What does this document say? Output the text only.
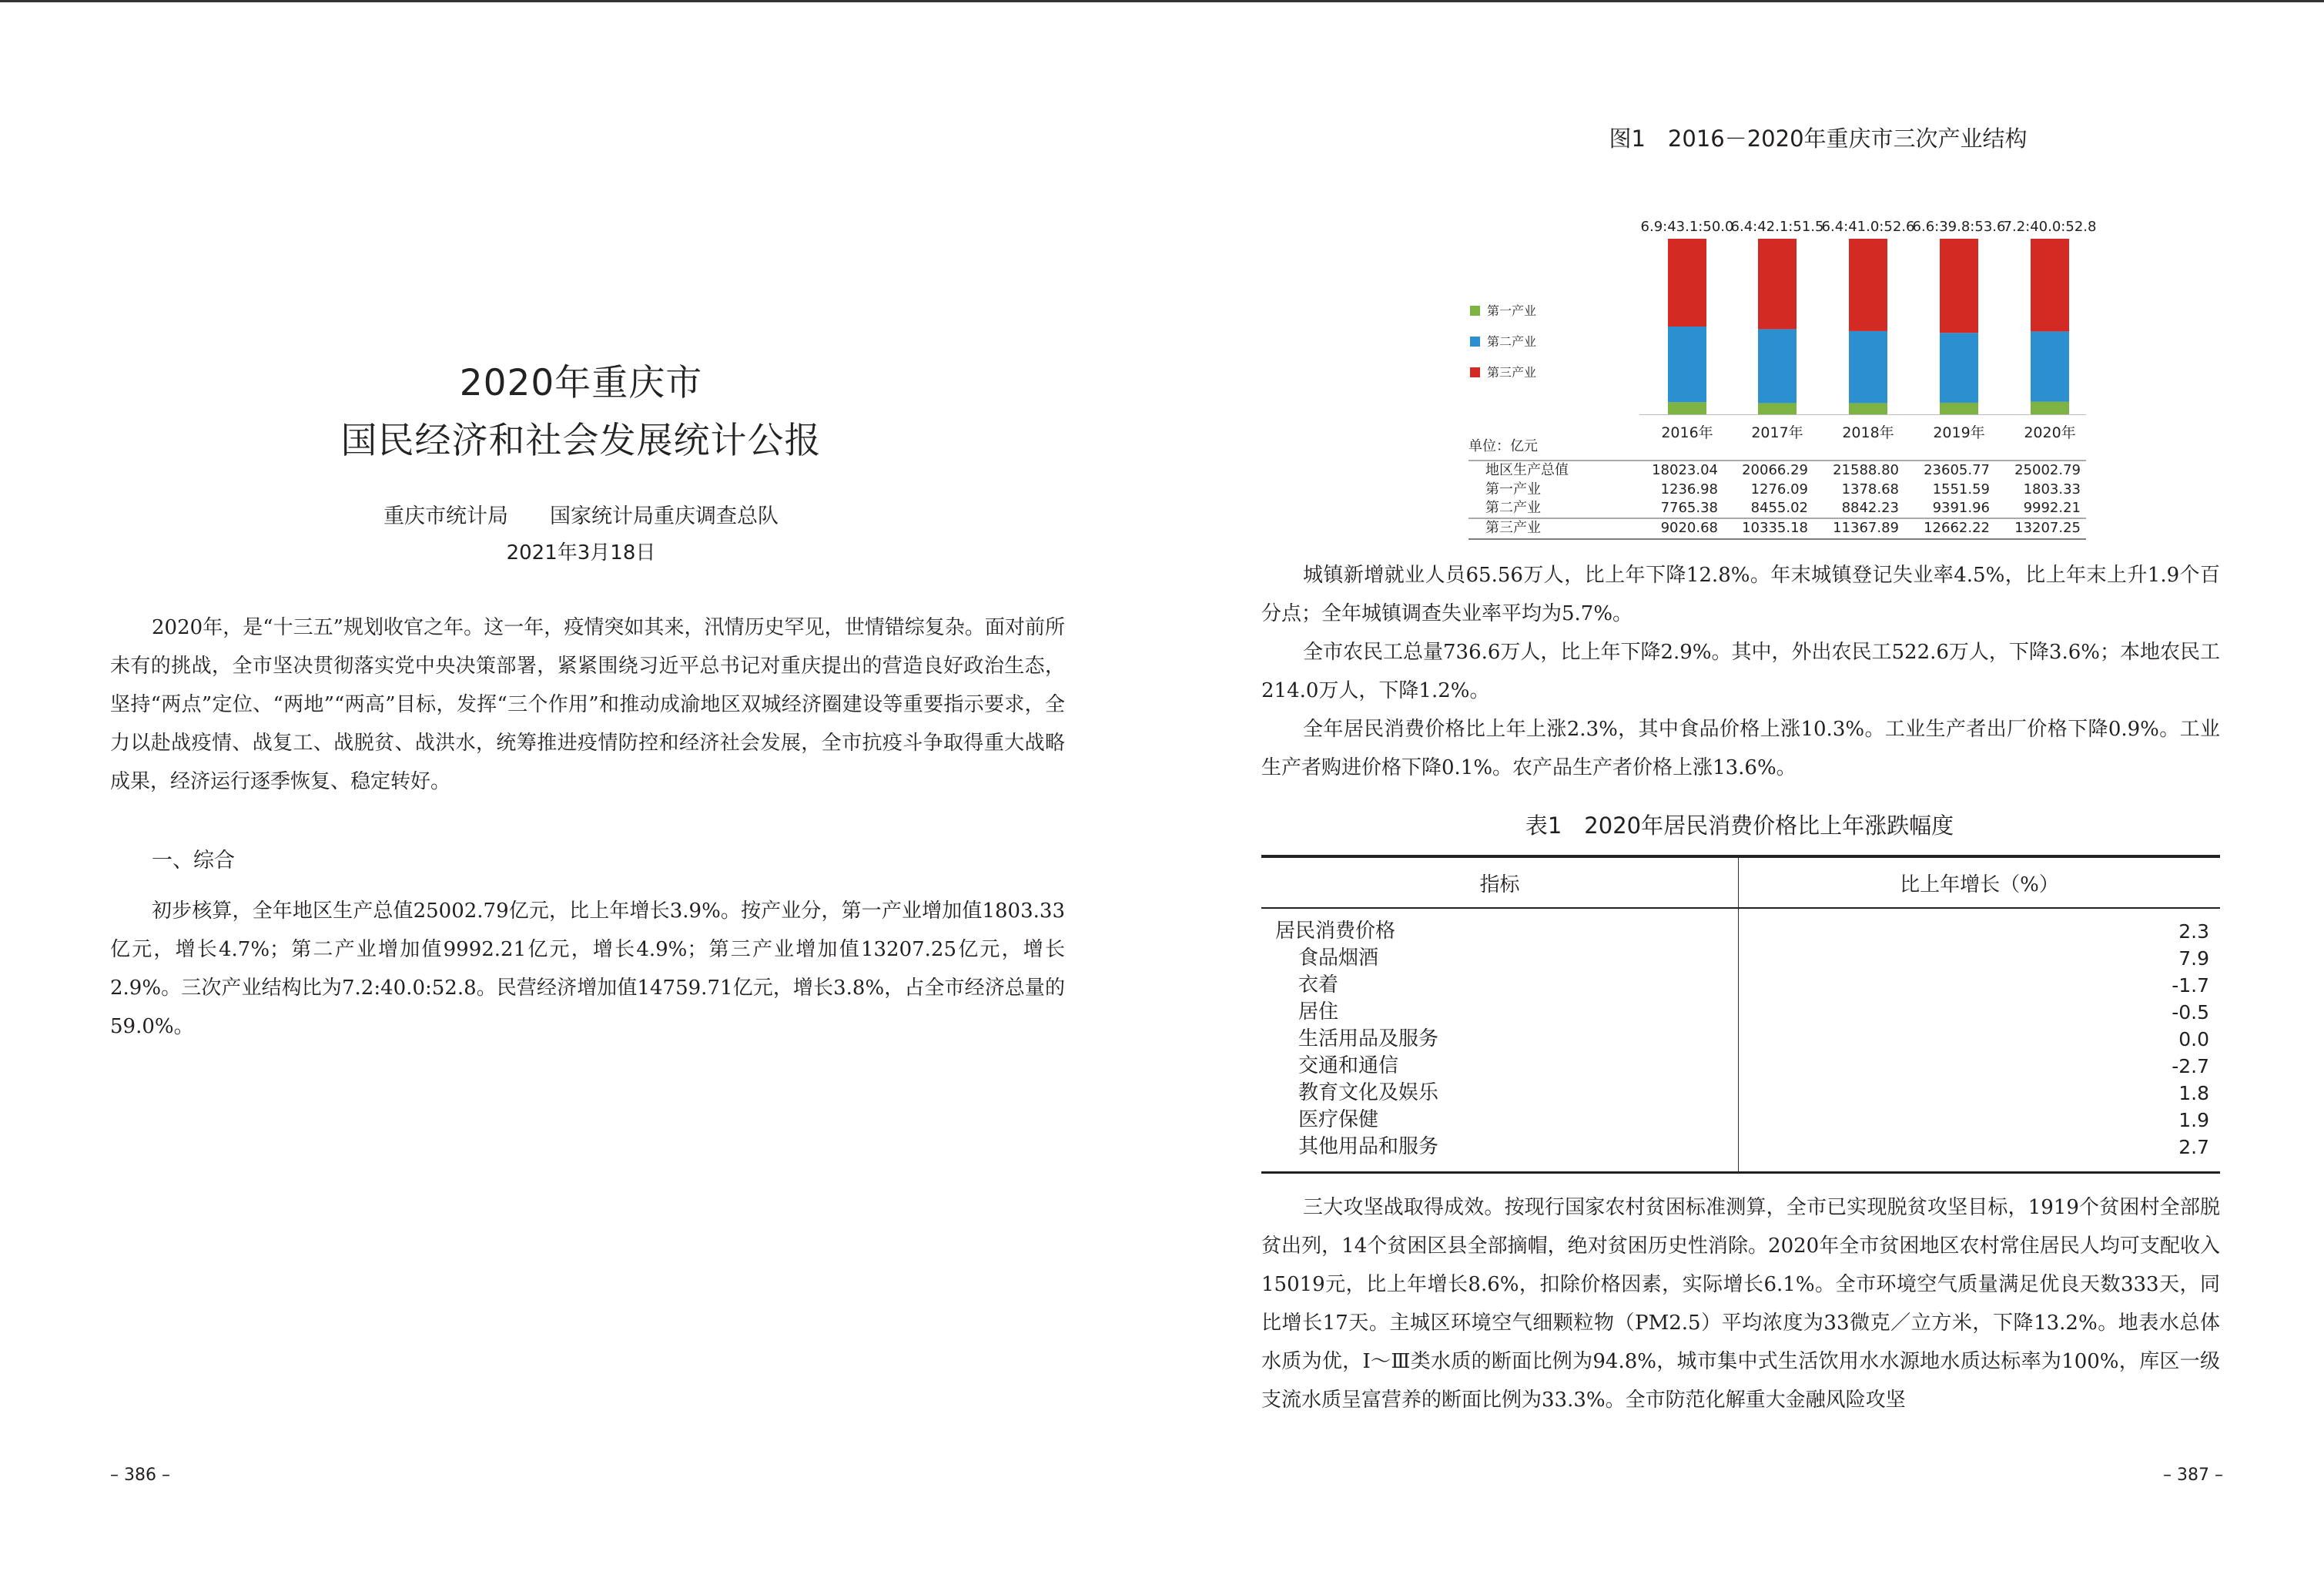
2020年重庆市
国民经济和社会发展统计公报
重庆市统计局　　国家统计局重庆调查总队
2021年3月18日

2020年，是“十三五”规划收官之年。这一年，疫情突如其来，汛情历史罕见，世情错综复杂。面对前所未有的挑战，全市坚决贯彻落实党中央决策部署，紧紧围绕习近平总书记对重庆提出的营造良好政治生态，坚持“两点”定位、“两地”“两高”目标，发挥“三个作用”和推动成渝地区双城经济圈建设等重要指示要求，全力以赴战疫情、战复工、战脱贫、战洪水，统筹推进疫情防控和经济社会发展，全市抗疫斗争取得重大战略成果，经济运行逐季恢复、稳定转好。

一、综合

初步核算，全年地区生产总值25002.79亿元，比上年增长3.9%。按产业分，第一产业增加值1803.33亿元，增长4.7%；第二产业增加值9992.21亿元，增长4.9%；第三产业增加值13207.25亿元，增长2.9%。三次产业结构比为7.2:40.0:52.8。民营经济增加值14759.71亿元，增长3.8%，占全市经济总量的59.0%。

– 386 –
图1　2016－2020年重庆市三次产业结构
6.9:43.1:50.0
2016年
6.4:42.1:51.5
2017年
6.4:41.0:52.6
2018年
6.6:39.8:53.6
2019年
7.2:40.0:52.8
2020年
第一产业
第二产业
第三产业
单位：亿元
地区生产总值	18023.04 20066.29 21588.80 23605.77 25002.79
第一产业	1236.98 1276.09 1378.68 1551.59 1803.33
第二产业	7765.38 8455.02 8842.23 9391.96 9992.21
第三产业	9020.68 10335.18 11367.89 12662.22 13207.25

城镇新增就业人员65.56万人，比上年下降12.8%。年末城镇登记失业率4.5%，比上年末上升1.9个百分点；全年城镇调查失业率平均为5.7%。

全市农民工总量736.6万人，比上年下降2.9%。其中，外出农民工522.6万人，下降3.6%；本地农民工214.0万人，下降1.2%。

全年居民消费价格比上年上涨2.3%，其中食品价格上涨10.3%。工业生产者出厂价格下降0.9%。工业生产者购进价格下降0.1%。农产品生产者价格上涨13.6%。

表1　2020年居民消费价格比上年涨跌幅度
指标	比上年增长（%）
居民消费价格	2.3
食品烟酒	7.9
衣着	-1.7
居住	-0.5
生活用品及服务	0.0
交通和通信	-2.7
教育文化及娱乐	1.8
医疗保健	1.9
其他用品和服务	2.7

三大攻坚战取得成效。按现行国家农村贫困标准测算，全市已实现脱贫攻坚目标，1919个贫困村全部脱贫出列，14个贫困区县全部摘帽，绝对贫困历史性消除。2020年全市贫困地区农村常住居民人均可支配收入15019元，比上年增长8.6%，扣除价格因素，实际增长6.1%。全市环境空气质量满足优良天数333天，同比增长17天。主城区环境空气细颗粒物（PM2.5）平均浓度为33微克／立方米，下降13.2%。地表水总体水质为优，Ⅰ～Ⅲ类水质的断面比例为94.8%，城市集中式生活饮用水水源地水质达标率为100%，库区一级支流水质呈富营养的断面比例为33.3%。全市防范化解重大金融风险攻坚

– 387 –
